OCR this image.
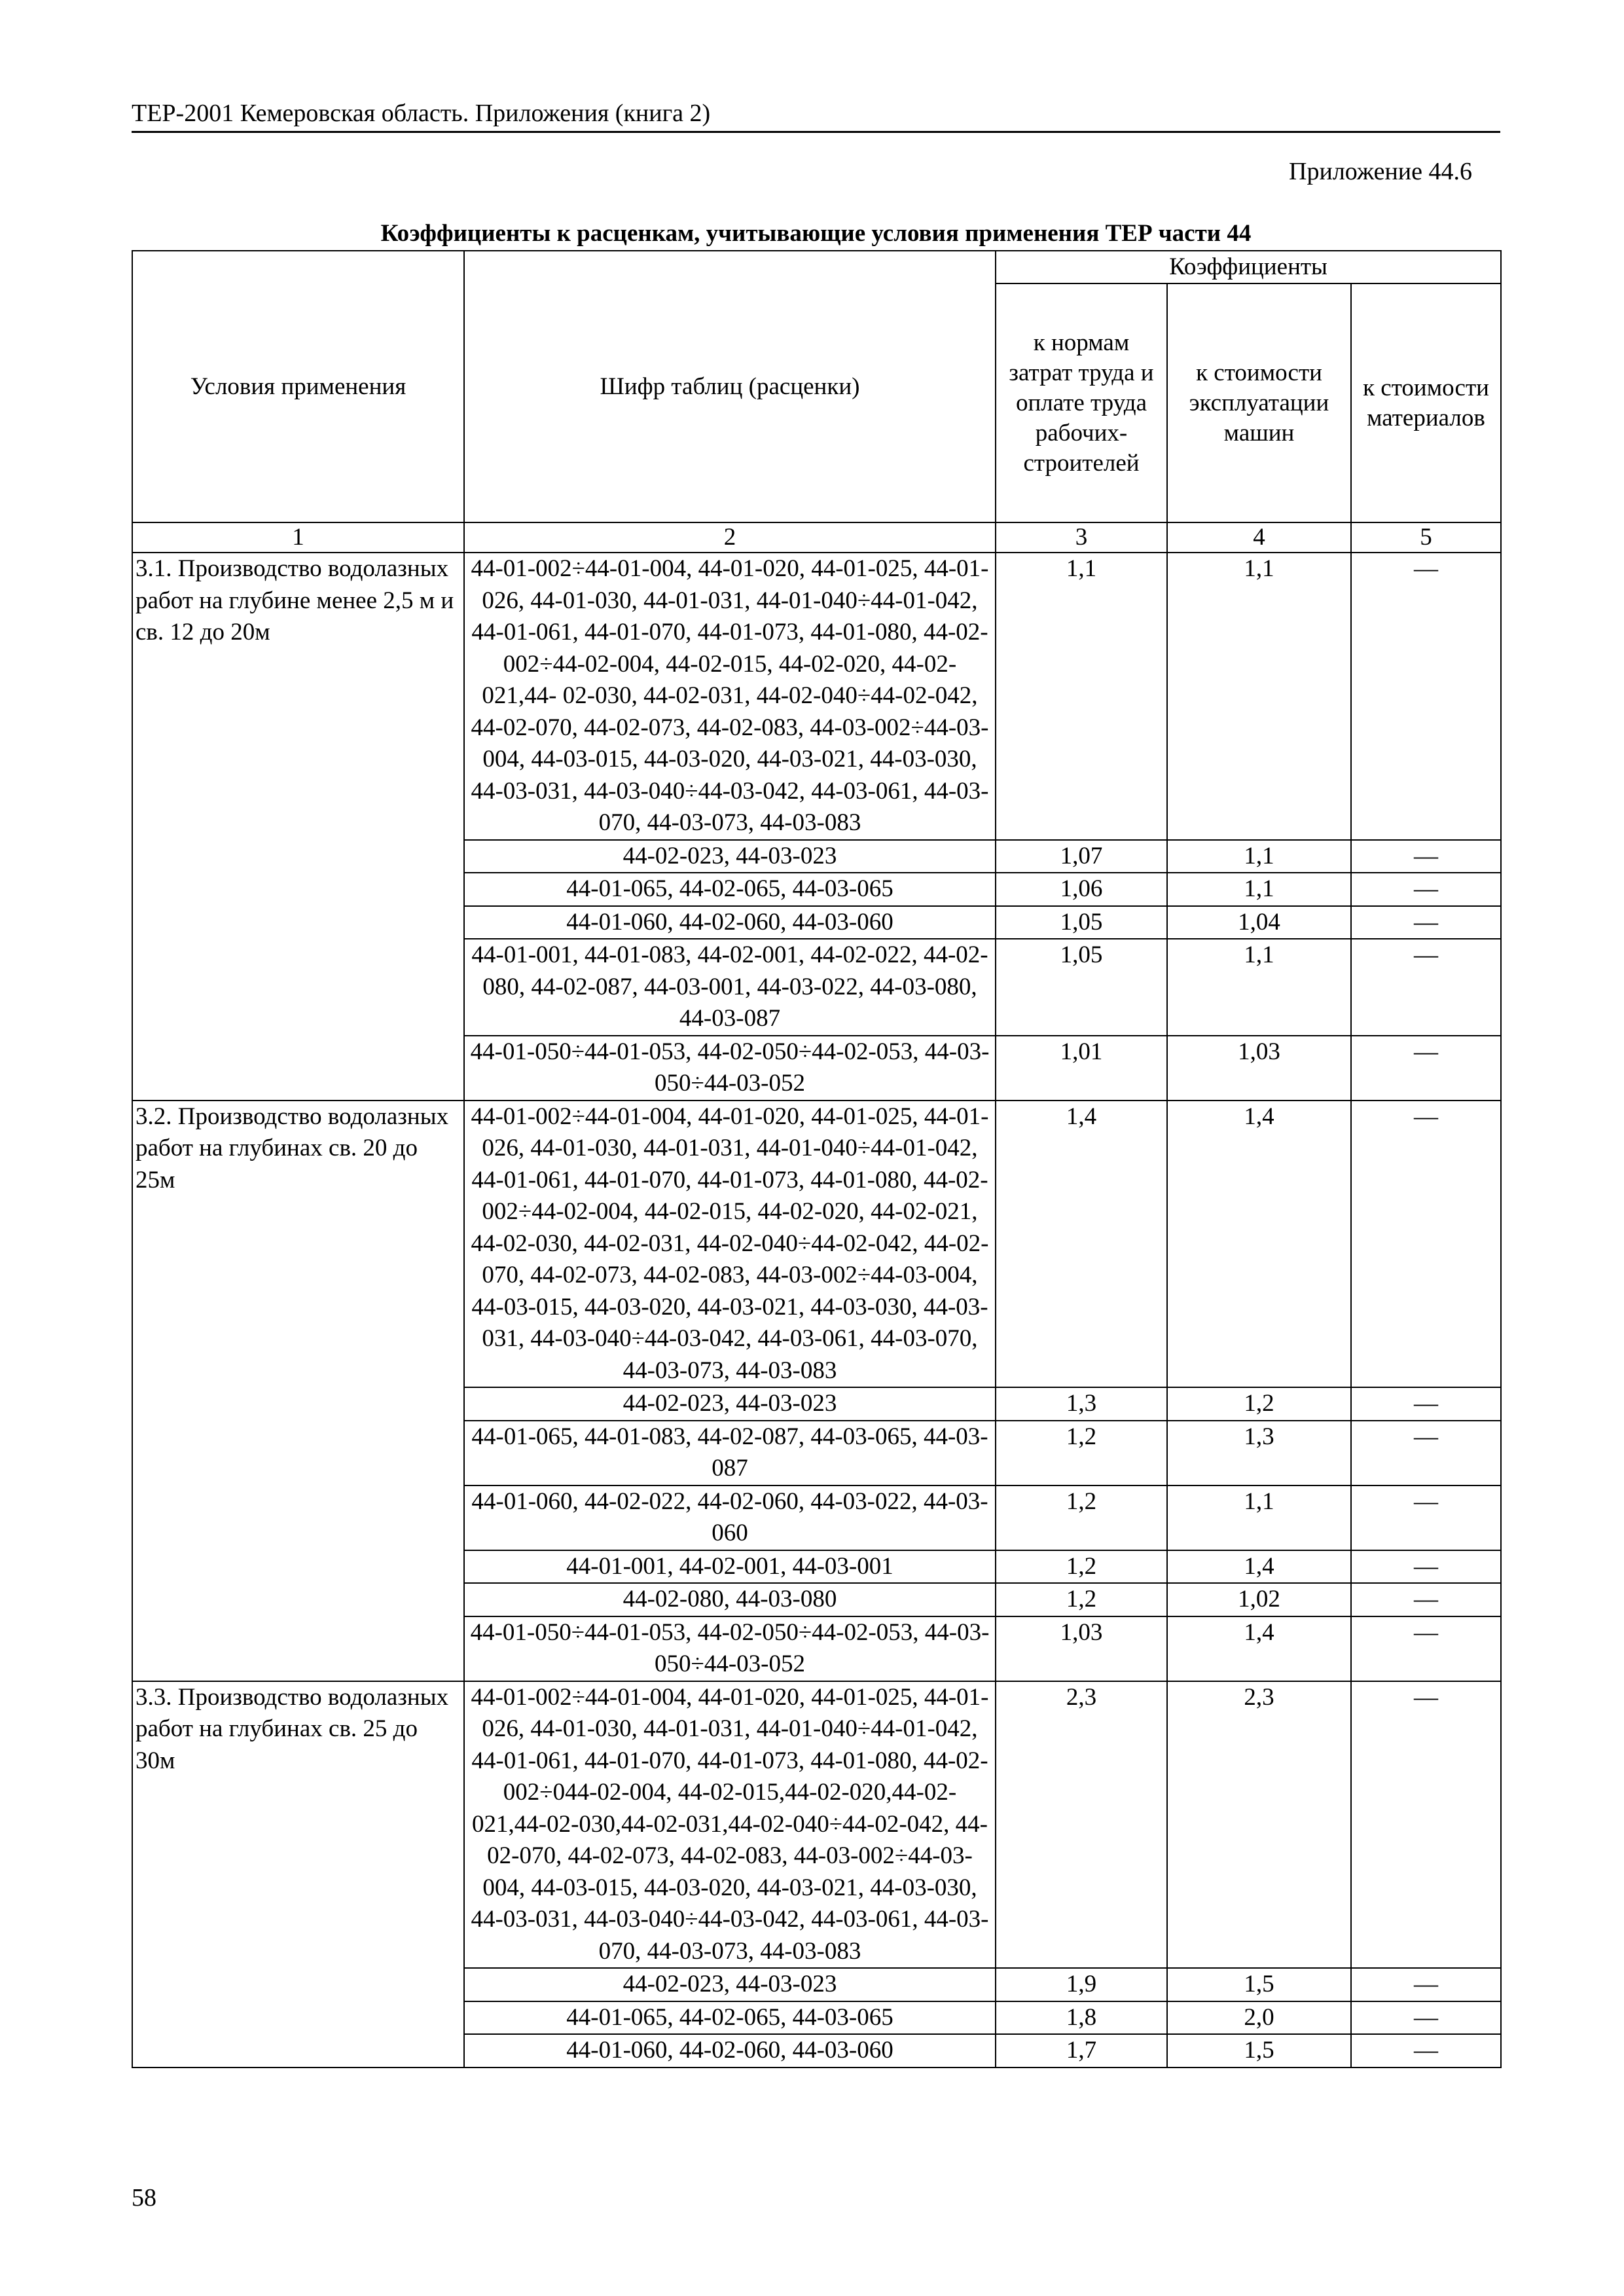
ТЕР-2001 Кемеровская область. Приложения (книга 2)
Приложение 44.6
Коэффициенты к расценкам, учитывающие условия применения ТЕР части 44
Условия применения	Шифр таблиц (расценки)	Коэффициенты		
		к нормам затрат труда и оплате труда рабочих-строителей	к стоимости эксплуатации машин	к стоимости материалов
1	2	3	4	5
3.1. Производство водолазных работ на глубине менее 2,5 м и св. 12 до 20м	44-01-002÷44-01-004, 44-01-020, 44-01-025, 44-01-026, 44-01-030, 44-01-031, 44-01-040÷44-01-042, 44-01-061, 44-01-070, 44-01-073, 44-01-080, 44-02-002÷44-02-004, 44-02-015, 44-02-020, 44-02-021,44- 02-030, 44-02-031, 44-02-040÷44-02-042, 44-02-070, 44-02-073, 44-02-083, 44-03-002÷44-03-004, 44-03-015, 44-03-020, 44-03-021, 44-03-030, 44-03-031, 44-03-040÷44-03-042, 44-03-061, 44-03-070, 44-03-073, 44-03-083	1,1	1,1	—
	44-02-023, 44-03-023	1,07	1,1	—
	44-01-065, 44-02-065, 44-03-065	1,06	1,1	—
	44-01-060, 44-02-060, 44-03-060	1,05	1,04	—
	44-01-001, 44-01-083, 44-02-001, 44-02-022, 44-02-080, 44-02-087, 44-03-001, 44-03-022, 44-03-080, 44-03-087	1,05	1,1	—
	44-01-050÷44-01-053, 44-02-050÷44-02-053, 44-03-050÷44-03-052	1,01	1,03	—
3.2. Производство водолазных работ на глубинах св. 20 до 25м	44-01-002÷44-01-004, 44-01-020, 44-01-025, 44-01-026, 44-01-030, 44-01-031, 44-01-040÷44-01-042, 44-01-061, 44-01-070, 44-01-073, 44-01-080, 44-02-002÷44-02-004, 44-02-015, 44-02-020, 44-02-021, 44-02-030, 44-02-031, 44-02-040÷44-02-042, 44-02-070, 44-02-073, 44-02-083, 44-03-002÷44-03-004, 44-03-015, 44-03-020, 44-03-021, 44-03-030, 44-03-031, 44-03-040÷44-03-042, 44-03-061, 44-03-070, 44-03-073, 44-03-083	1,4	1,4	—
	44-02-023, 44-03-023	1,3	1,2	—
	44-01-065, 44-01-083, 44-02-087, 44-03-065, 44-03-087	1,2	1,3	—
	44-01-060, 44-02-022, 44-02-060, 44-03-022, 44-03-060	1,2	1,1	—
	44-01-001, 44-02-001, 44-03-001	1,2	1,4	—
	44-02-080, 44-03-080	1,2	1,02	—
	44-01-050÷44-01-053, 44-02-050÷44-02-053, 44-03-050÷44-03-052	1,03	1,4	—
3.3. Производство водолазных работ на глубинах св. 25 до 30м	44-01-002÷44-01-004, 44-01-020, 44-01-025, 44-01-026, 44-01-030, 44-01-031, 44-01-040÷44-01-042, 44-01-061, 44-01-070, 44-01-073, 44-01-080, 44-02-002÷044-02-004, 44-02-015,44-02-020,44-02-021,44-02-030,44-02-031,44-02-040÷44-02-042, 44-02-070, 44-02-073, 44-02-083, 44-03-002÷44-03-004, 44-03-015, 44-03-020, 44-03-021, 44-03-030, 44-03-031, 44-03-040÷44-03-042, 44-03-061, 44-03-070, 44-03-073, 44-03-083	2,3	2,3	—
	44-02-023, 44-03-023	1,9	1,5	—
	44-01-065, 44-02-065, 44-03-065	1,8	2,0	—
	44-01-060, 44-02-060, 44-03-060	1,7	1,5	—
58
